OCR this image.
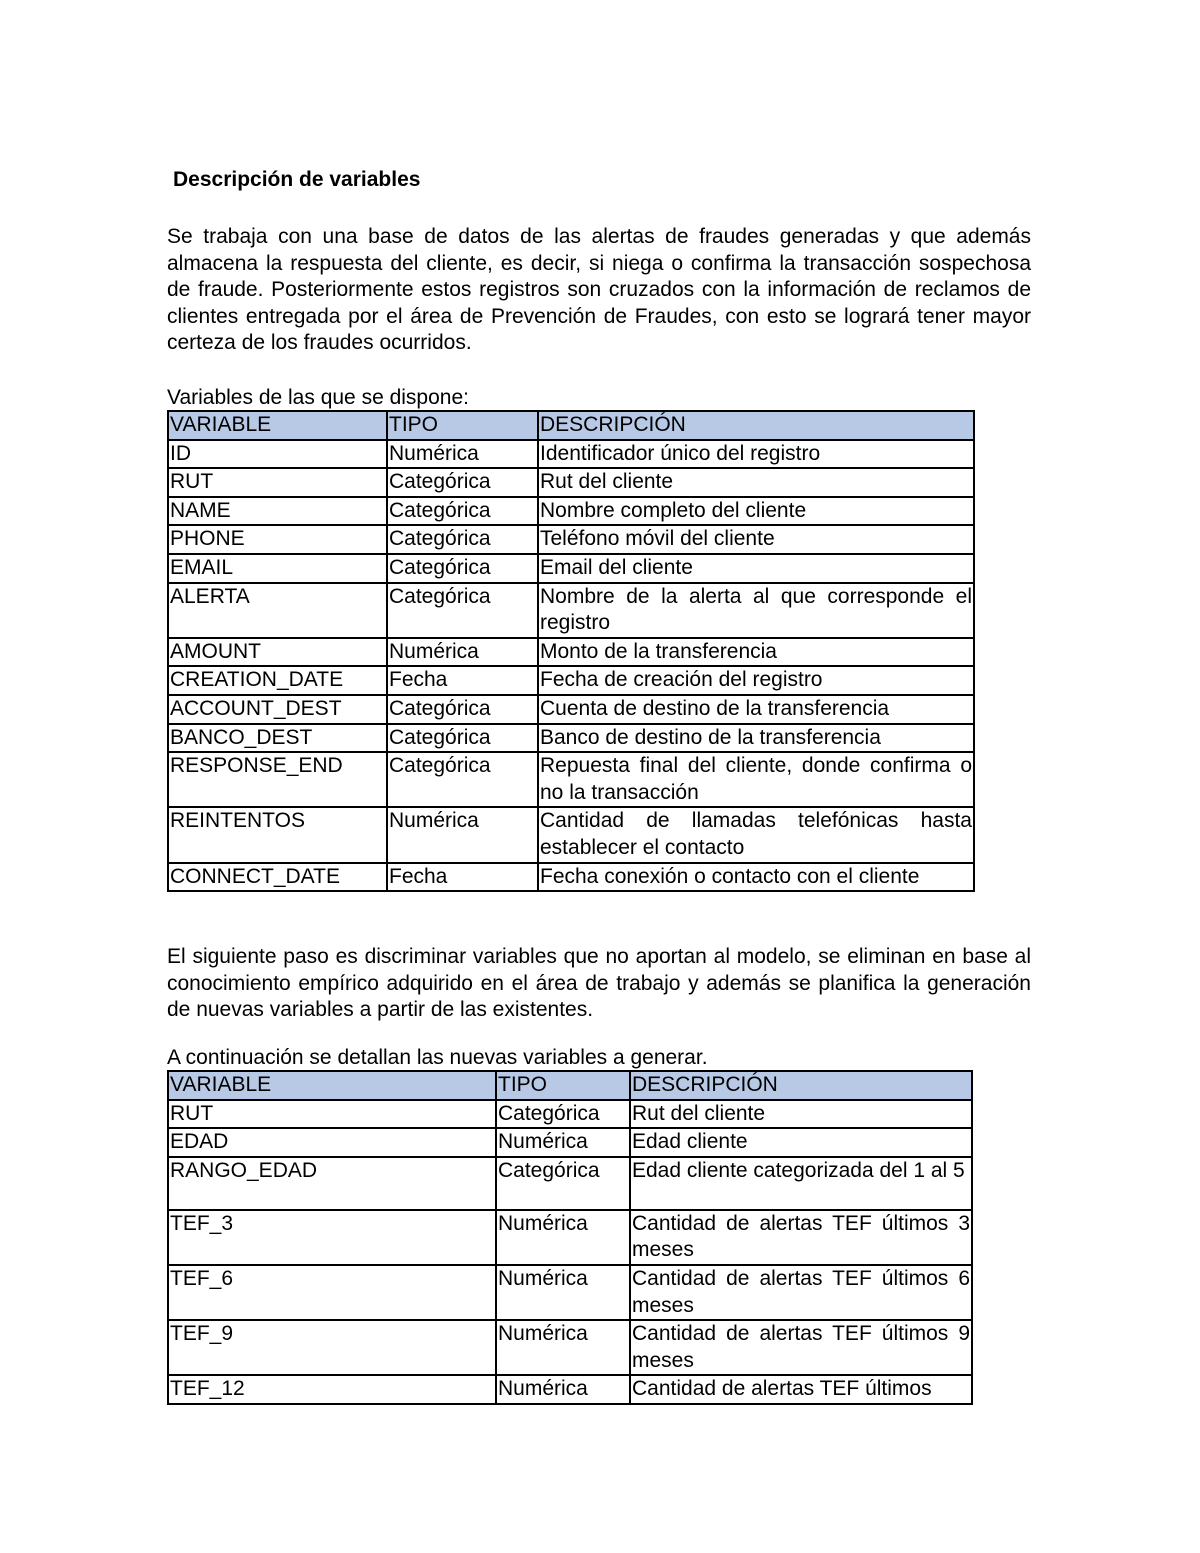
Descripción de variables
Se trabaja con una base de datos de las alertas de fraudes generadas y que además almacena la respuesta del cliente, es decir, si niega o confirma la transacción sospechosa de fraude. Posteriormente estos registros son cruzados con la información de reclamos de clientes entregada por el área de Prevención de Fraudes, con esto se logrará tener mayor certeza de los fraudes ocurridos.
Variables de las que se dispone:
VARIABLE	TIPO	DESCRIPCIÓN
ID	Numérica	Identificador único del registro
RUT	Categórica	Rut del cliente
NAME	Categórica	Nombre completo del cliente
PHONE	Categórica	Teléfono móvil del cliente
EMAIL	Categórica	Email del cliente
ALERTA	Categórica	Nombre de la alerta al que corresponde el registro
AMOUNT	Numérica	Monto de la transferencia
CREATION_DATE	Fecha	Fecha de creación del registro
ACCOUNT_DEST	Categórica	Cuenta de destino de la transferencia
BANCO_DEST	Categórica	Banco de destino de la transferencia
RESPONSE_END	Categórica	Repuesta final del cliente, donde confirma o no la transacción
REINTENTOS	Numérica	Cantidad de llamadas telefónicas hasta establecer el contacto
CONNECT_DATE	Fecha	Fecha conexión o contacto con el cliente
El siguiente paso es discriminar variables que no aportan al modelo, se eliminan en base al conocimiento empírico adquirido en el área de trabajo y además se planifica la generación de nuevas variables a partir de las existentes.
A continuación se detallan las nuevas variables a generar.
VARIABLE	TIPO	DESCRIPCIÓN
RUT	Categórica	Rut del cliente
EDAD	Numérica	Edad cliente
RANGO_EDAD	Categórica	Edad cliente categorizada del 1 al 5
TEF_3	Numérica	Cantidad de alertas TEF últimos 3 meses
TEF_6	Numérica	Cantidad de alertas TEF últimos 6 meses
TEF_9	Numérica	Cantidad de alertas TEF últimos 9 meses
TEF_12	Numérica	Cantidad de alertas TEF últimos
